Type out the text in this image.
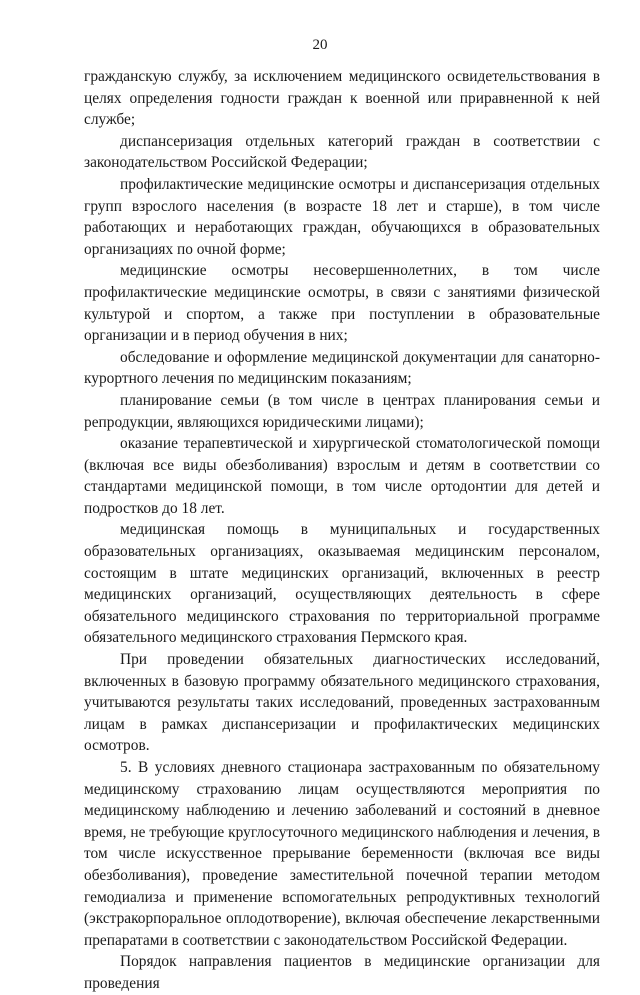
20

гражданскую службу, за исключением медицинского освидетельствования в целях определения годности граждан к военной или приравненной к ней службе;

диспансеризация отдельных категорий граждан в соответствии с законодательством Российской Федерации;

профилактические медицинские осмотры и диспансеризация отдельных групп взрослого населения (в возрасте 18 лет и старше), в том числе работающих и неработающих граждан, обучающихся в образовательных организациях по очной форме;

медицинские осмотры несовершеннолетних, в том числе профилактические медицинские осмотры, в связи с занятиями физической культурой и спортом, а также при поступлении в образовательные организации и в период обучения в них;

обследование и оформление медицинской документации для санаторно-курортного лечения по медицинским показаниям;

планирование семьи (в том числе в центрах планирования семьи и репродукции, являющихся юридическими лицами);

оказание терапевтической и хирургической стоматологической помощи (включая все виды обезболивания) взрослым и детям в соответствии со стандартами медицинской помощи, в том числе ортодонтии для детей и подростков до 18 лет.

медицинская помощь в муниципальных и государственных образовательных организациях, оказываемая медицинским персоналом, состоящим в штате медицинских организаций, включенных в реестр медицинских организаций, осуществляющих деятельность в сфере обязательного медицинского страхования по территориальной программе обязательного медицинского страхования Пермского края.

При проведении обязательных диагностических исследований, включенных в базовую программу обязательного медицинского страхования, учитываются результаты таких исследований, проведенных застрахованным лицам в рамках диспансеризации и профилактических медицинских осмотров.

5. В условиях дневного стационара застрахованным по обязательному медицинскому страхованию лицам осуществляются мероприятия по медицинскому наблюдению и лечению заболеваний и состояний в дневное время, не требующие круглосуточного медицинского наблюдения и лечения, в том числе искусственное прерывание беременности (включая все виды обезболивания), проведение заместительной почечной терапии методом гемодиализа и применение вспомогательных репродуктивных технологий (экстракорпоральное оплодотворение), включая обеспечение лекарственными препаратами в соответствии с законодательством Российской Федерации.

Порядок направления пациентов в медицинские организации для проведения
